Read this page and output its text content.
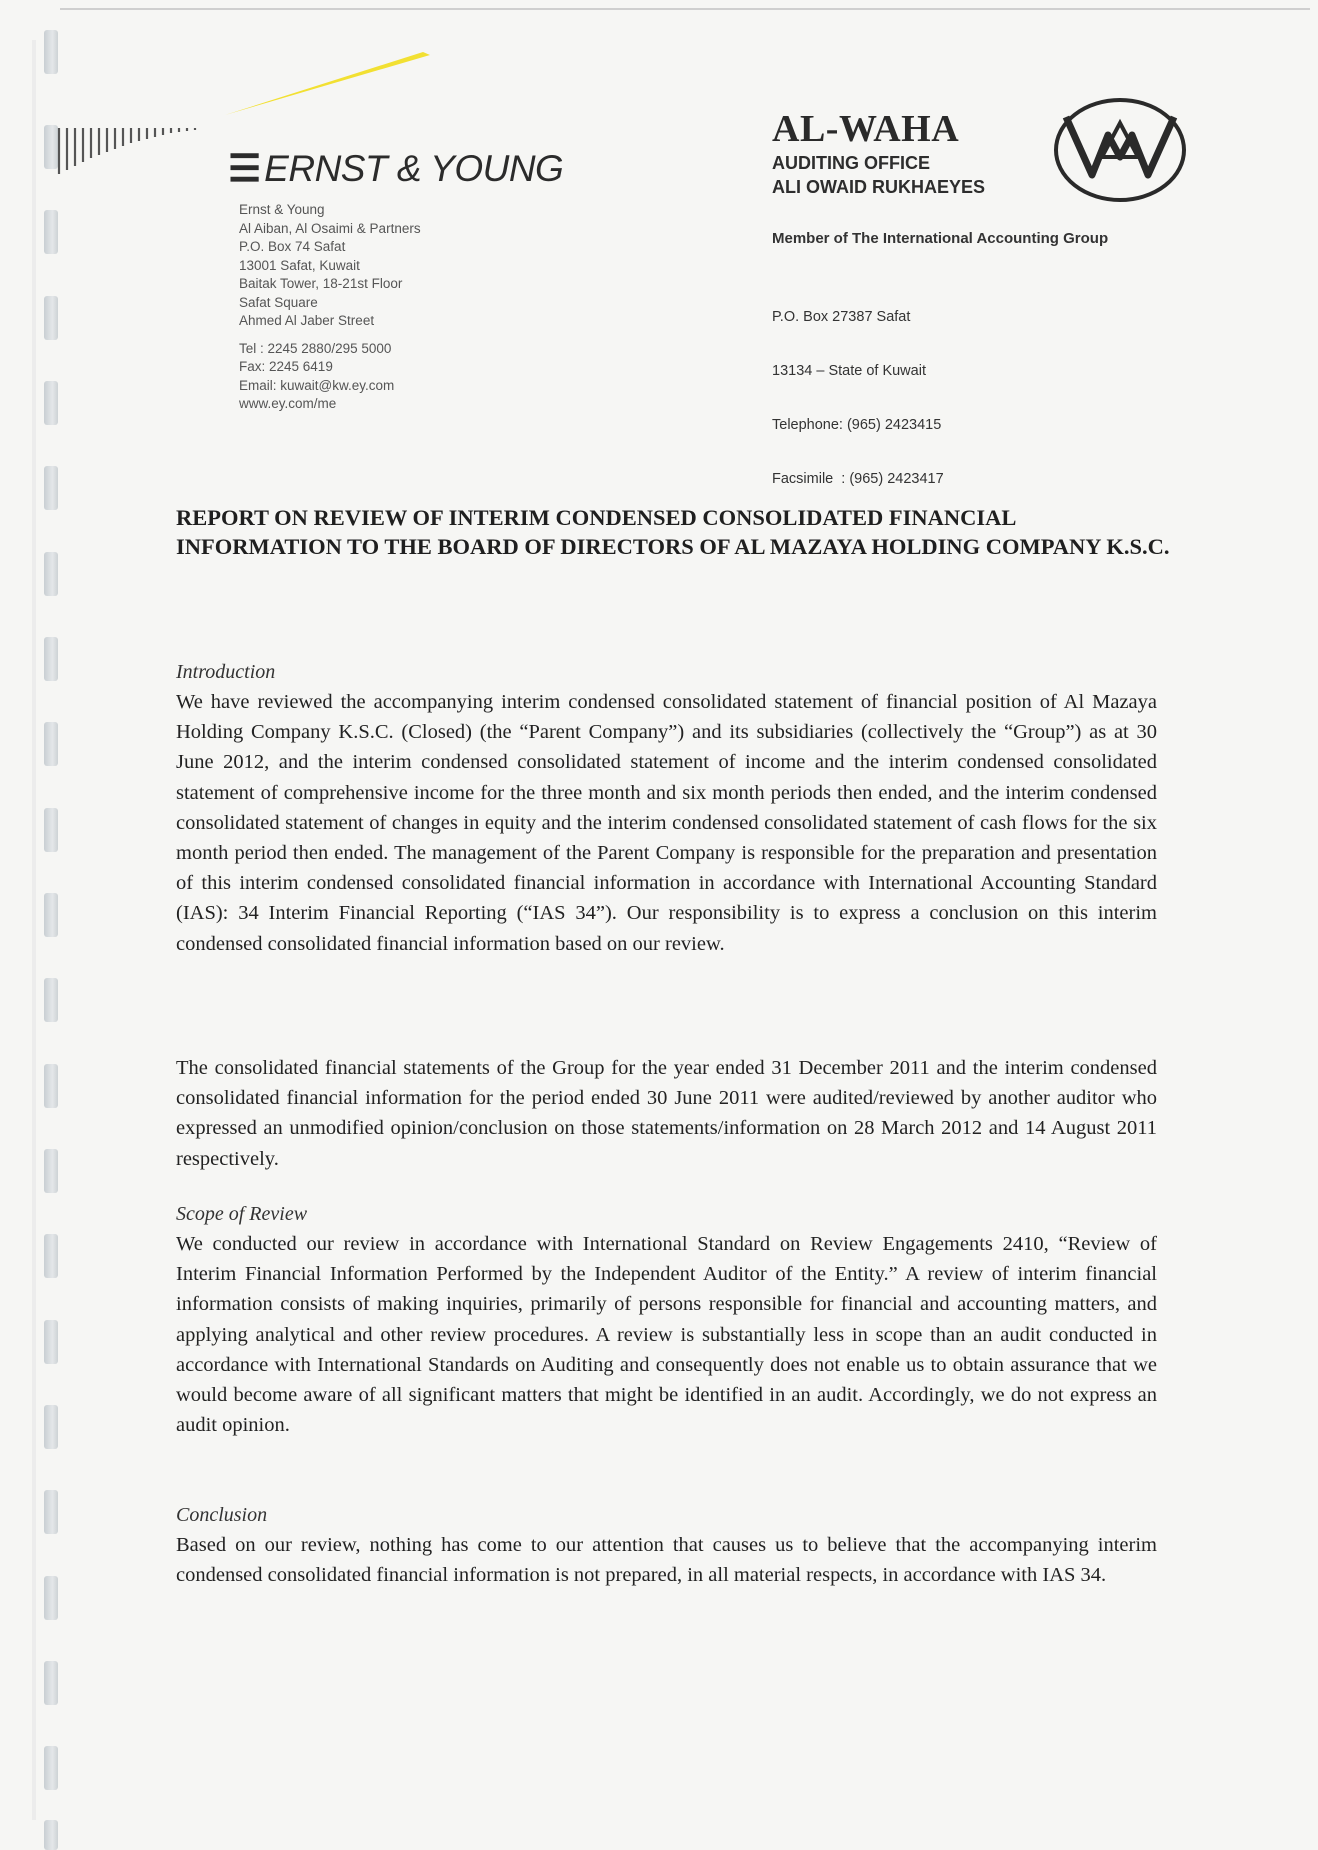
☰ ERNST & YOUNG
Ernst & Young
Al Aiban, Al Osaimi & Partners
P.O. Box 74 Safat
13001 Safat, Kuwait
Baitak Tower, 18-21st Floor
Safat Square
Ahmed Al Jaber Street
Tel : 2245 2880/295 5000
Fax: 2245 6419
Email: kuwait@kw.ey.com
www.ey.com/me
AL-WAHA
AUDITING OFFICE
ALI OWAID RUKHAEYES
Member of The International Accounting Group

P.O. Box 27387 Safat

13134 – State of Kuwait

Telephone: (965) 2423415

Facsimile  : (965) 2423417

REPORT ON REVIEW OF INTERIM CONDENSED CONSOLIDATED FINANCIAL INFORMATION TO THE BOARD OF DIRECTORS OF AL MAZAYA HOLDING COMPANY K.S.C.
Introduction
We have reviewed the accompanying interim condensed consolidated statement of financial position of Al Mazaya Holding Company K.S.C. (Closed) (the “Parent Company”) and its subsidiaries (collectively the “Group”) as at 30 June 2012, and the interim condensed consolidated statement of income and the interim condensed consolidated statement of comprehensive income for the three month and six month periods then ended, and the interim condensed consolidated statement of changes in equity and the interim condensed consolidated statement of cash flows for the six month period then ended. The management of the Parent Company is responsible for the preparation and presentation of this interim condensed consolidated financial information in accordance with International Accounting Standard (IAS): 34 Interim Financial Reporting (“IAS 34”). Our responsibility is to express a conclusion on this interim condensed consolidated financial information based on our review.
The consolidated financial statements of the Group for the year ended 31 December 2011 and the interim condensed consolidated financial information for the period ended 30 June 2011 were audited/reviewed by another auditor who expressed an unmodified opinion/conclusion on those statements/information on 28 March 2012 and 14 August 2011 respectively.
Scope of Review
We conducted our review in accordance with International Standard on Review Engagements 2410, “Review of Interim Financial Information Performed by the Independent Auditor of the Entity.” A review of interim financial information consists of making inquiries, primarily of persons responsible for financial and accounting matters, and applying analytical and other review procedures. A review is substantially less in scope than an audit conducted in accordance with International Standards on Auditing and consequently does not enable us to obtain assurance that we would become aware of all significant matters that might be identified in an audit. Accordingly, we do not express an audit opinion.
Conclusion
Based on our review, nothing has come to our attention that causes us to believe that the accompanying interim condensed consolidated financial information is not prepared, in all material respects, in accordance with IAS 34.
